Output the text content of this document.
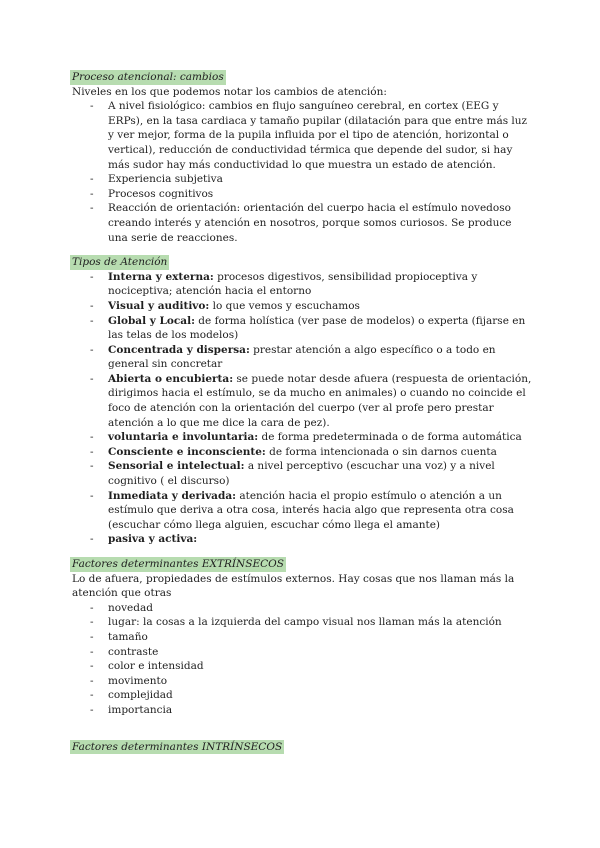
Proceso atencional: cambios

Niveles en los que podemos notar los cambios de atención:

- A nivel fisiológico: cambios en flujo sanguíneo cerebral, en cortex (EEG y ERPs), en la tasa cardiaca y tamaño pupilar (dilatación para que entre más luz y ver mejor, forma de la pupila influida por el tipo de atención, horizontal o vertical), reducción de conductividad térmica que depende del sudor, si hay más sudor hay más conductividad lo que muestra un estado de atención.
- Experiencia subjetiva
- Procesos cognitivos
- Reacción de orientación: orientación del cuerpo hacia el estímulo novedoso creando interés y atención en nosotros, porque somos curiosos. Se produce una serie de reacciones.
Tipos de Atención
- Interna y externa: procesos digestivos, sensibilidad propioceptiva y nociceptiva; atención hacia el entorno
- Visual y auditivo: lo que vemos y escuchamos
- Global y Local: de forma holística (ver pase de modelos) o experta (fijarse en las telas de los modelos)
- Concentrada y dispersa: prestar atención a algo específico o a todo en general sin concretar
- Abierta o encubierta: se puede notar desde afuera (respuesta de orientación, dirigimos hacia el estímulo, se da mucho en animales) o cuando no coincide el foco de atención con la orientación del cuerpo (ver al profe pero prestar atención a lo que me dice la cara de pez).
- voluntaria e involuntaria: de forma predeterminada o de forma automática
- Consciente e inconsciente: de forma intencionada o sin darnos cuenta
- Sensorial e intelectual: a nivel perceptivo (escuchar una voz) y a nivel cognitivo ( el discurso)
- Inmediata y derivada: atención hacia el propio estímulo o atención a un estímulo que deriva a otra cosa, interés hacia algo que representa otra cosa (escuchar cómo llega alguien, escuchar cómo llega el amante)
- pasiva y activa:
Factores determinantes EXTRÍNSECOS

Lo de afuera, propiedades de estímulos externos. Hay cosas que nos llaman más la atención que otras

- novedad
- lugar: la cosas a la izquierda del campo visual nos llaman más la atención
- tamaño
- contraste
- color e intensidad
- movimento
- complejidad
- importancia
Factores determinantes INTRÍNSECOS
